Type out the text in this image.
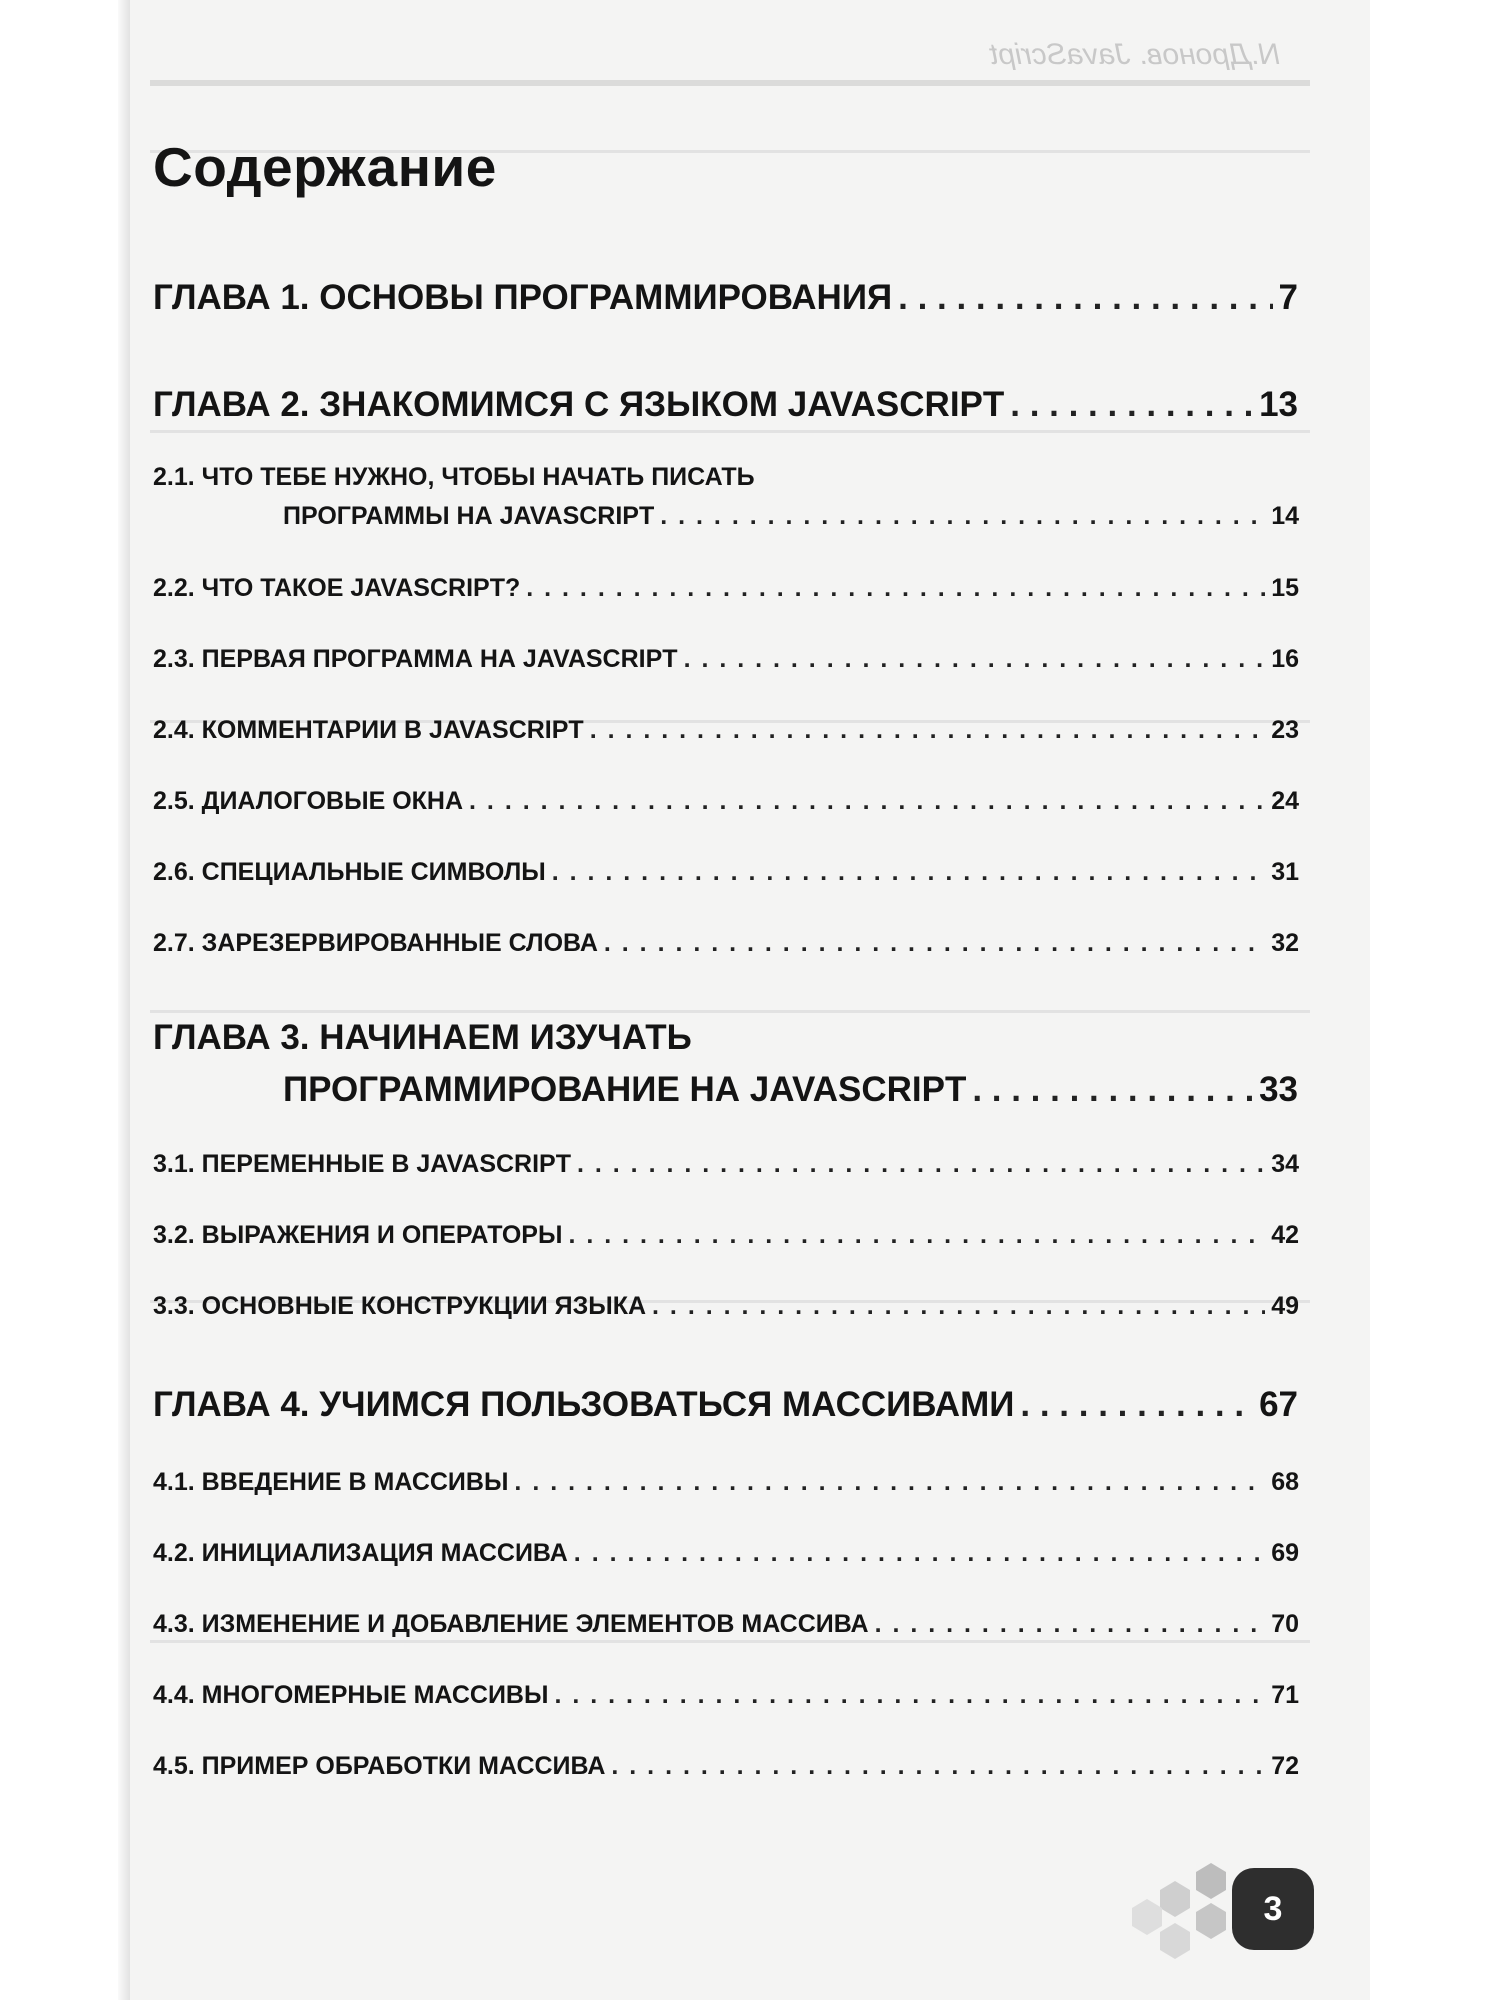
N.Дронов. JavaScript
Содержание
ГЛАВА 1. ОСНОВЫ ПРОГРАММИРОВАНИЯ . . .	7
ГЛАВА 2. ЗНАКОМИМСЯ С ЯЗЫКОМ JAVASCRIPT . . .	13
2.1. ЧТО ТЕБЕ НУЖНО, ЧТОБЫ НАЧАТЬ ПИСАТЬ
ПРОГРАММЫ НА JAVASCRIPT . . .	14
2.2. ЧТО ТАКОЕ JAVASCRIPT? . . .	15
2.3. ПЕРВАЯ ПРОГРАММА НА JAVASCRIPT . . .	16
2.4. КОММЕНТАРИИ В JAVASCRIPT . . .	23
2.5. ДИАЛОГОВЫЕ ОКНА . . .	24
2.6. СПЕЦИАЛЬНЫЕ СИМВОЛЫ . . .	31
2.7. ЗАРЕЗЕРВИРОВАННЫЕ СЛОВА . . .	32
ГЛАВА 3. НАЧИНАЕМ ИЗУЧАТЬ
ПРОГРАММИРОВАНИЕ НА JAVASCRIPT . . .	33
3.1. ПЕРЕМЕННЫЕ В JAVASCRIPT . . .	34
3.2. ВЫРАЖЕНИЯ И ОПЕРАТОРЫ . . .	42
3.3. ОСНОВНЫЕ КОНСТРУКЦИИ ЯЗЫКА . . .	49
ГЛАВА 4. УЧИМСЯ ПОЛЬЗОВАТЬСЯ МАССИВАМИ . . .	67
4.1. ВВЕДЕНИЕ В МАССИВЫ . . .	68
4.2. ИНИЦИАЛИЗАЦИЯ МАССИВА . . .	69
4.3. ИЗМЕНЕНИЕ И ДОБАВЛЕНИЕ ЭЛЕМЕНТОВ МАССИВА . . .	70
4.4. МНОГОМЕРНЫЕ МАССИВЫ . . .	71
4.5. ПРИМЕР ОБРАБОТКИ МАССИВА . . .	72
3
